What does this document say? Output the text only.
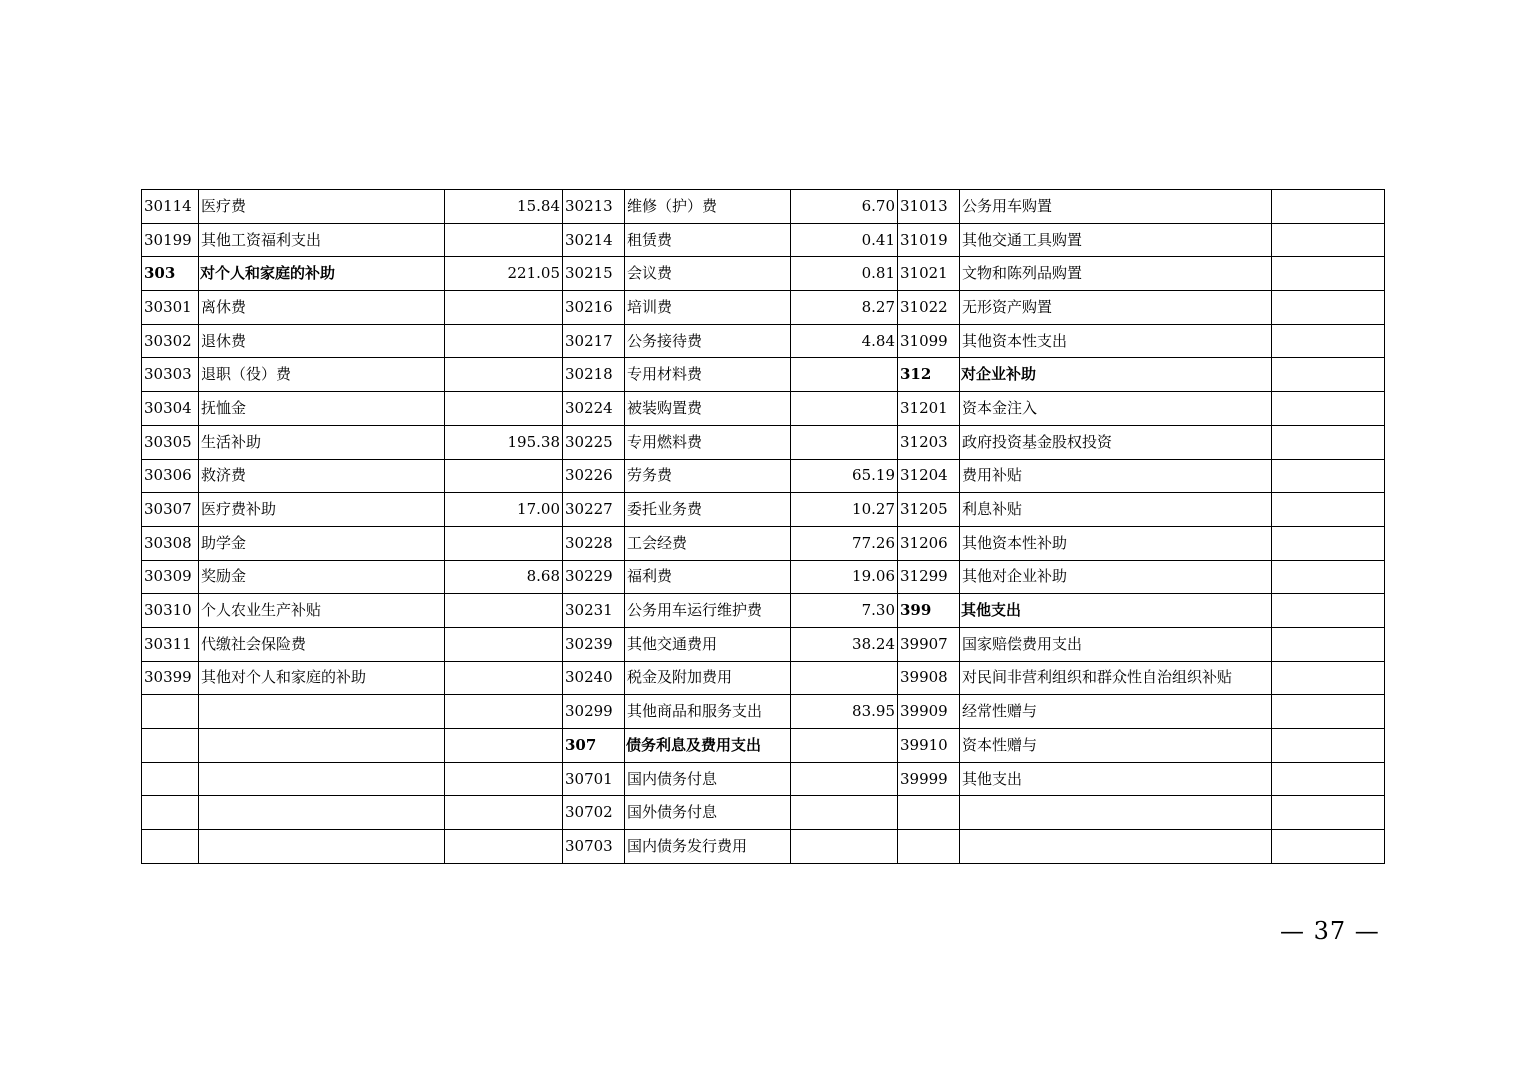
30114	医疗费	15.84	30213	维修（护）费	6.70	31013	公务用车购置	
30199	其他工资福利支出		30214	租赁费	0.41	31019	其他交通工具购置	
303	对个人和家庭的补助	221.05	30215	会议费	0.81	31021	文物和陈列品购置	
30301	离休费		30216	培训费	8.27	31022	无形资产购置	
30302	退休费		30217	公务接待费	4.84	31099	其他资本性支出	
30303	退职（役）费		30218	专用材料费		312	对企业补助	
30304	抚恤金		30224	被装购置费		31201	资本金注入	
30305	生活补助	195.38	30225	专用燃料费		31203	政府投资基金股权投资	
30306	救济费		30226	劳务费	65.19	31204	费用补贴	
30307	医疗费补助	17.00	30227	委托业务费	10.27	31205	利息补贴	
30308	助学金		30228	工会经费	77.26	31206	其他资本性补助	
30309	奖励金	8.68	30229	福利费	19.06	31299	其他对企业补助	
30310	个人农业生产补贴		30231	公务用车运行维护费	7.30	399	其他支出	
30311	代缴社会保险费		30239	其他交通费用	38.24	39907	国家赔偿费用支出	
30399	其他对个人和家庭的补助		30240	税金及附加费用		39908	对民间非营利组织和群众性自治组织补贴	
			30299	其他商品和服务支出	83.95	39909	经常性赠与	
			307	债务利息及费用支出		39910	资本性赠与	
			30701	国内债务付息		39999	其他支出	
			30702	国外债务付息				
			30703	国内债务发行费用				
— 37 —
